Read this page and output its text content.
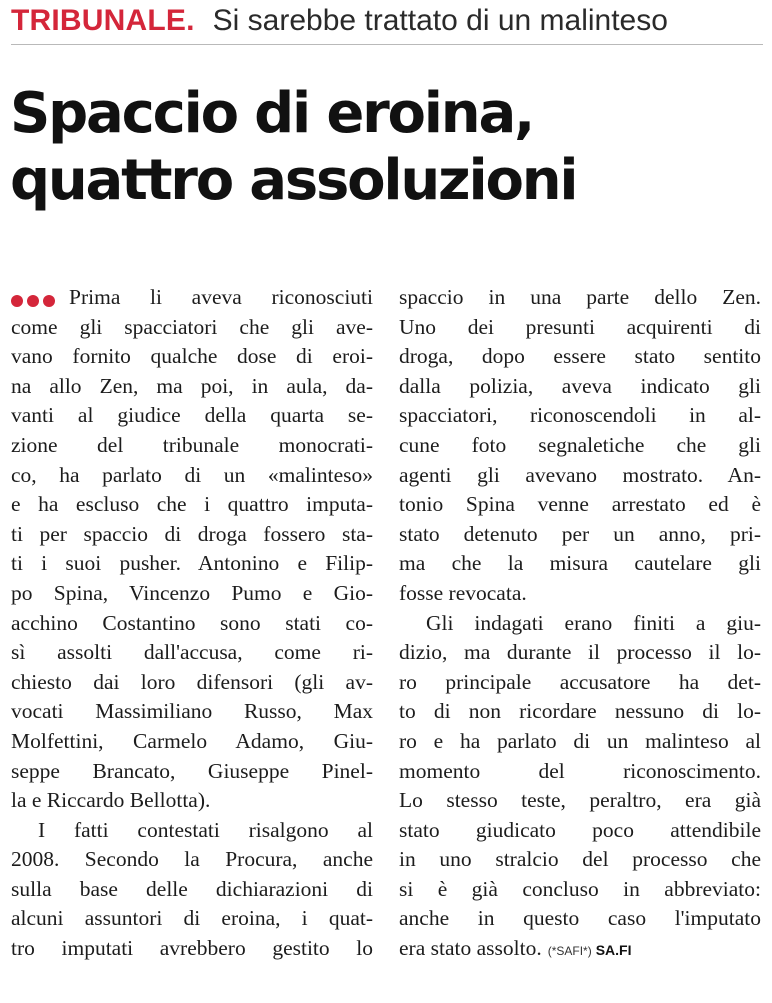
TRIBUNALE. Si sarebbe trattato di un malinteso
Spaccio di eroina,
quattro assoluzioni
Prima li aveva riconosciuti
come gli spacciatori che gli ave-
vano fornito qualche dose di eroi-
na allo Zen, ma poi, in aula, da-
vanti al giudice della quarta se-
zione del tribunale monocrati-
co, ha parlato di un «malinteso»
e ha escluso che i quattro imputa-
ti per spaccio di droga fossero sta-
ti i suoi pusher. Antonino e Filip-
po Spina, Vincenzo Pumo e Gio-
acchino Costantino sono stati co-
sì assolti dall'accusa, come ri-
chiesto dai loro difensori (gli av-
vocati Massimiliano Russo, Max
Molfettini, Carmelo Adamo, Giu-
seppe Brancato, Giuseppe Pinel-
la e Riccardo Bellotta).
I fatti contestati risalgono al
2008. Secondo la Procura, anche
sulla base delle dichiarazioni di
alcuni assuntori di eroina, i quat-
tro imputati avrebbero gestito lo
spaccio in una parte dello Zen.
Uno dei presunti acquirenti di
droga, dopo essere stato sentito
dalla polizia, aveva indicato gli
spacciatori, riconoscendoli in al-
cune foto segnaletiche che gli
agenti gli avevano mostrato. An-
tonio Spina venne arrestato ed è
stato detenuto per un anno, pri-
ma che la misura cautelare gli
fosse revocata.
Gli indagati erano finiti a giu-
dizio, ma durante il processo il lo-
ro principale accusatore ha det-
to di non ricordare nessuno di lo-
ro e ha parlato di un malinteso al
momento del riconoscimento.
Lo stesso teste, peraltro, era già
stato giudicato poco attendibile
in uno stralcio del processo che
si è già concluso in abbreviato:
anche in questo caso l'imputato
era stato assolto. (*SAFI*) SA.FI
